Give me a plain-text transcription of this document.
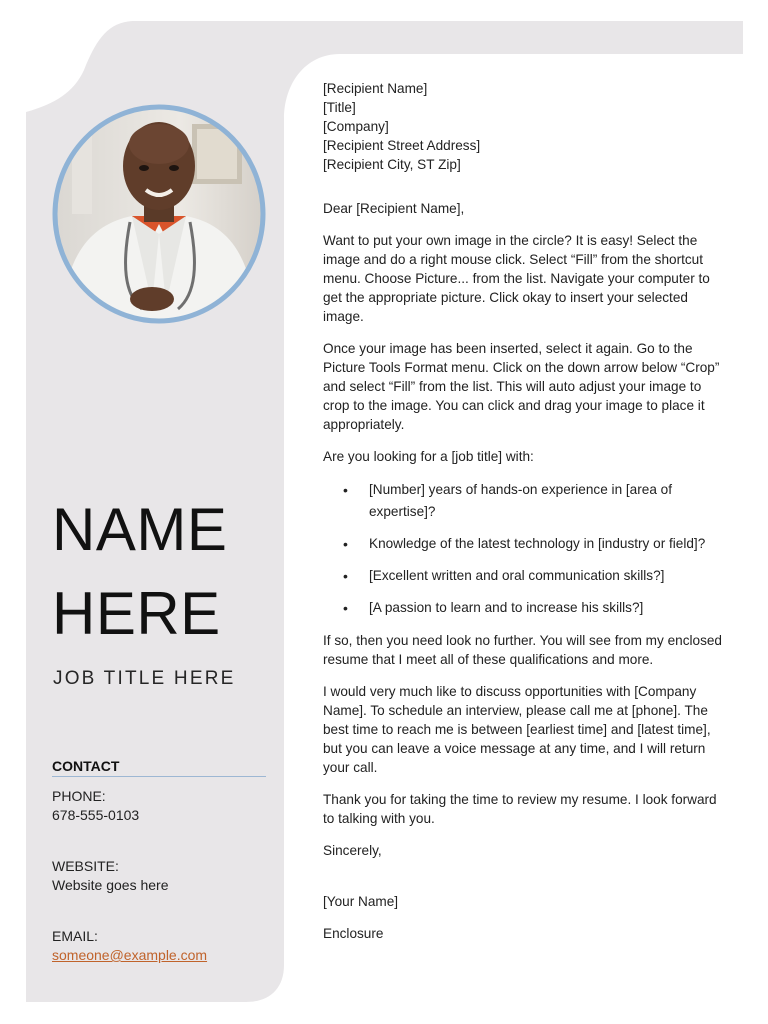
NAME
HERE
JOB TITLE HERE
CONTACT
PHONE:
678-555-0103
WEBSITE:
Website goes here
EMAIL:
someone@example.com
[Recipient Name]
[Title]
[Company]
[Recipient Street Address]
[Recipient City, ST Zip]

Dear [Recipient Name],

Want to put your own image in the circle? It is easy! Select the image and do a right mouse click. Select “Fill” from the shortcut menu. Choose Picture... from the list. Navigate your computer to get the appropriate picture. Click okay to insert your selected image.

Once your image has been inserted, select it again. Go to the Picture Tools Format menu. Click on the down arrow below “Crop” and select “Fill” from the list. This will auto adjust your image to crop to the image. You can click and drag your image to place it appropriately.

Are you looking for a [job title] with:

• [Number] years of hands-on experience in [area of expertise]?
• Knowledge of the latest technology in [industry or field]?
• [Excellent written and oral communication skills?]
• [A passion to learn and to increase his skills?]

If so, then you need look no further. You will see from my enclosed resume that I meet all of these qualifications and more.

I would very much like to discuss opportunities with [Company Name]. To schedule an interview, please call me at [phone]. The best time to reach me is between [earliest time] and [latest time], but you can leave a voice message at any time, and I will return your call.

Thank you for taking the time to review my resume. I look forward to talking with you.

Sincerely,

[Your Name]

Enclosure
